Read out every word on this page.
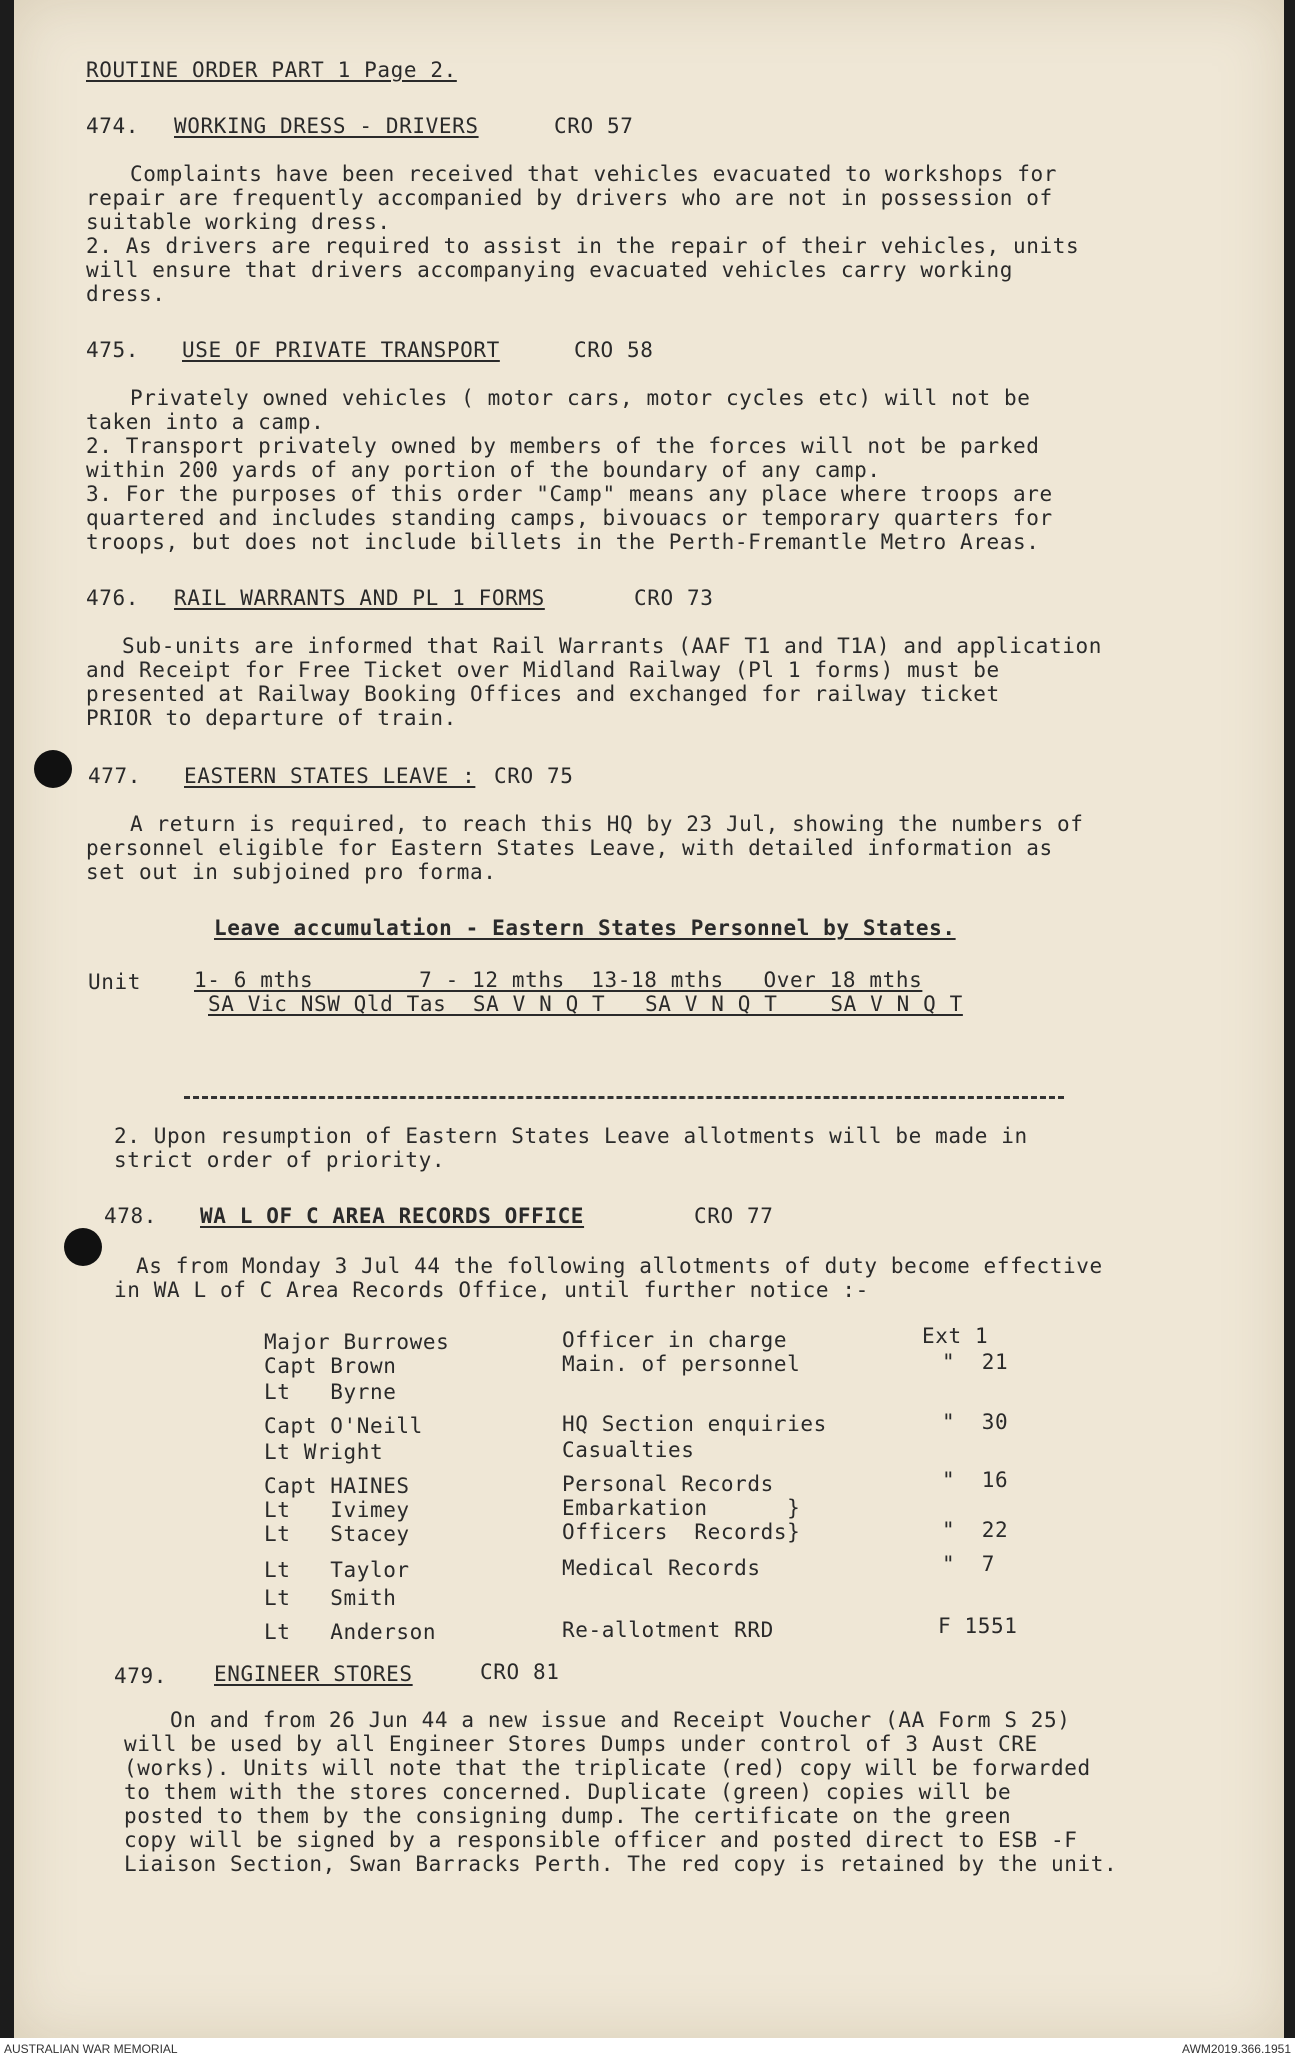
ROUTINE ORDER PART 1 Page 2.

474. WORKING DRESS - DRIVERS	CRO 57

Complaints have been received that vehicles evacuated to workshops for

repair are frequently accompanied by drivers who are not in possession of

suitable working dress.

2. As drivers are required to assist in the repair of their vehicles, units

will ensure that drivers accompanying evacuated vehicles carry working

dress.

475. USE OF PRIVATE TRANSPORT	CRO 58

Privately owned vehicles ( motor cars, motor cycles etc) will not be

taken into a camp.

2. Transport privately owned by members of the forces will not be parked

within 200 yards of any portion of the boundary of any camp.

3. For the purposes of this order "Camp" means any place where troops are

quartered and includes standing camps, bivouacs or temporary quarters for

troops, but does not include billets in the Perth-Fremantle Metro Areas.

476. RAIL WARRANTS AND PL 1 FORMS	CRO 73

Sub-units are informed that Rail Warrants (AAF T1 and T1A) and application

and Receipt for Free Ticket over Midland Railway (Pl 1 forms) must be

presented at Railway Booking Offices and exchanged for railway ticket

PRIOR to departure of train.

477. EASTERN STATES LEAVE : CRO 75

A return is required, to reach this HQ by 23 Jul, showing the numbers of

personnel eligible for Eastern States Leave, with detailed information as

set out in subjoined pro forma.

Leave accumulation - Eastern States Personnel by States.

Unit	1- 6 mths        7 - 12 mths  13-18 mths   Over 18 mths

SA Vic NSW Qld Tas  SA V N Q T   SA V N Q T    SA V N Q T

2. Upon resumption of Eastern States Leave allotments will be made in

strict order of priority.

478. WA L OF C AREA RECORDS OFFICE	CRO 77

As from Monday 3 Jul 44 the following allotments of duty become effective

in WA L of C Area Records Office, until further notice :-

Major Burrowes	Officer in charge	Ext 1

Capt Brown	Main. of personnel	"  21

Lt   Byrne

Capt O'Neill	HQ Section enquiries	"  30

Lt Wright	Casualties

Capt HAINES	Personal Records	"  16

Lt   Ivimey	Embarkation      }

Lt   Stacey	Officers  Records}	"  22

Lt   Taylor	Medical Records	"  7

Lt   Smith

Lt   Anderson	Re-allotment RRD	F 1551

479. ENGINEER STORES	CRO 81

On and from 26 Jun 44 a new issue and Receipt Voucher (AA Form S 25)

will be used by all Engineer Stores Dumps under control of 3 Aust CRE

(works). Units will note that the triplicate (red) copy will be forwarded

to them with the stores concerned. Duplicate (green) copies will be

posted to them by the consigning dump. The certificate on the green

copy will be signed by a responsible officer and posted direct to ESB -F

Liaison Section, Swan Barracks Perth. The red copy is retained by the unit.

AUSTRALIAN WAR MEMORIAL	AWM2019.366.1951
